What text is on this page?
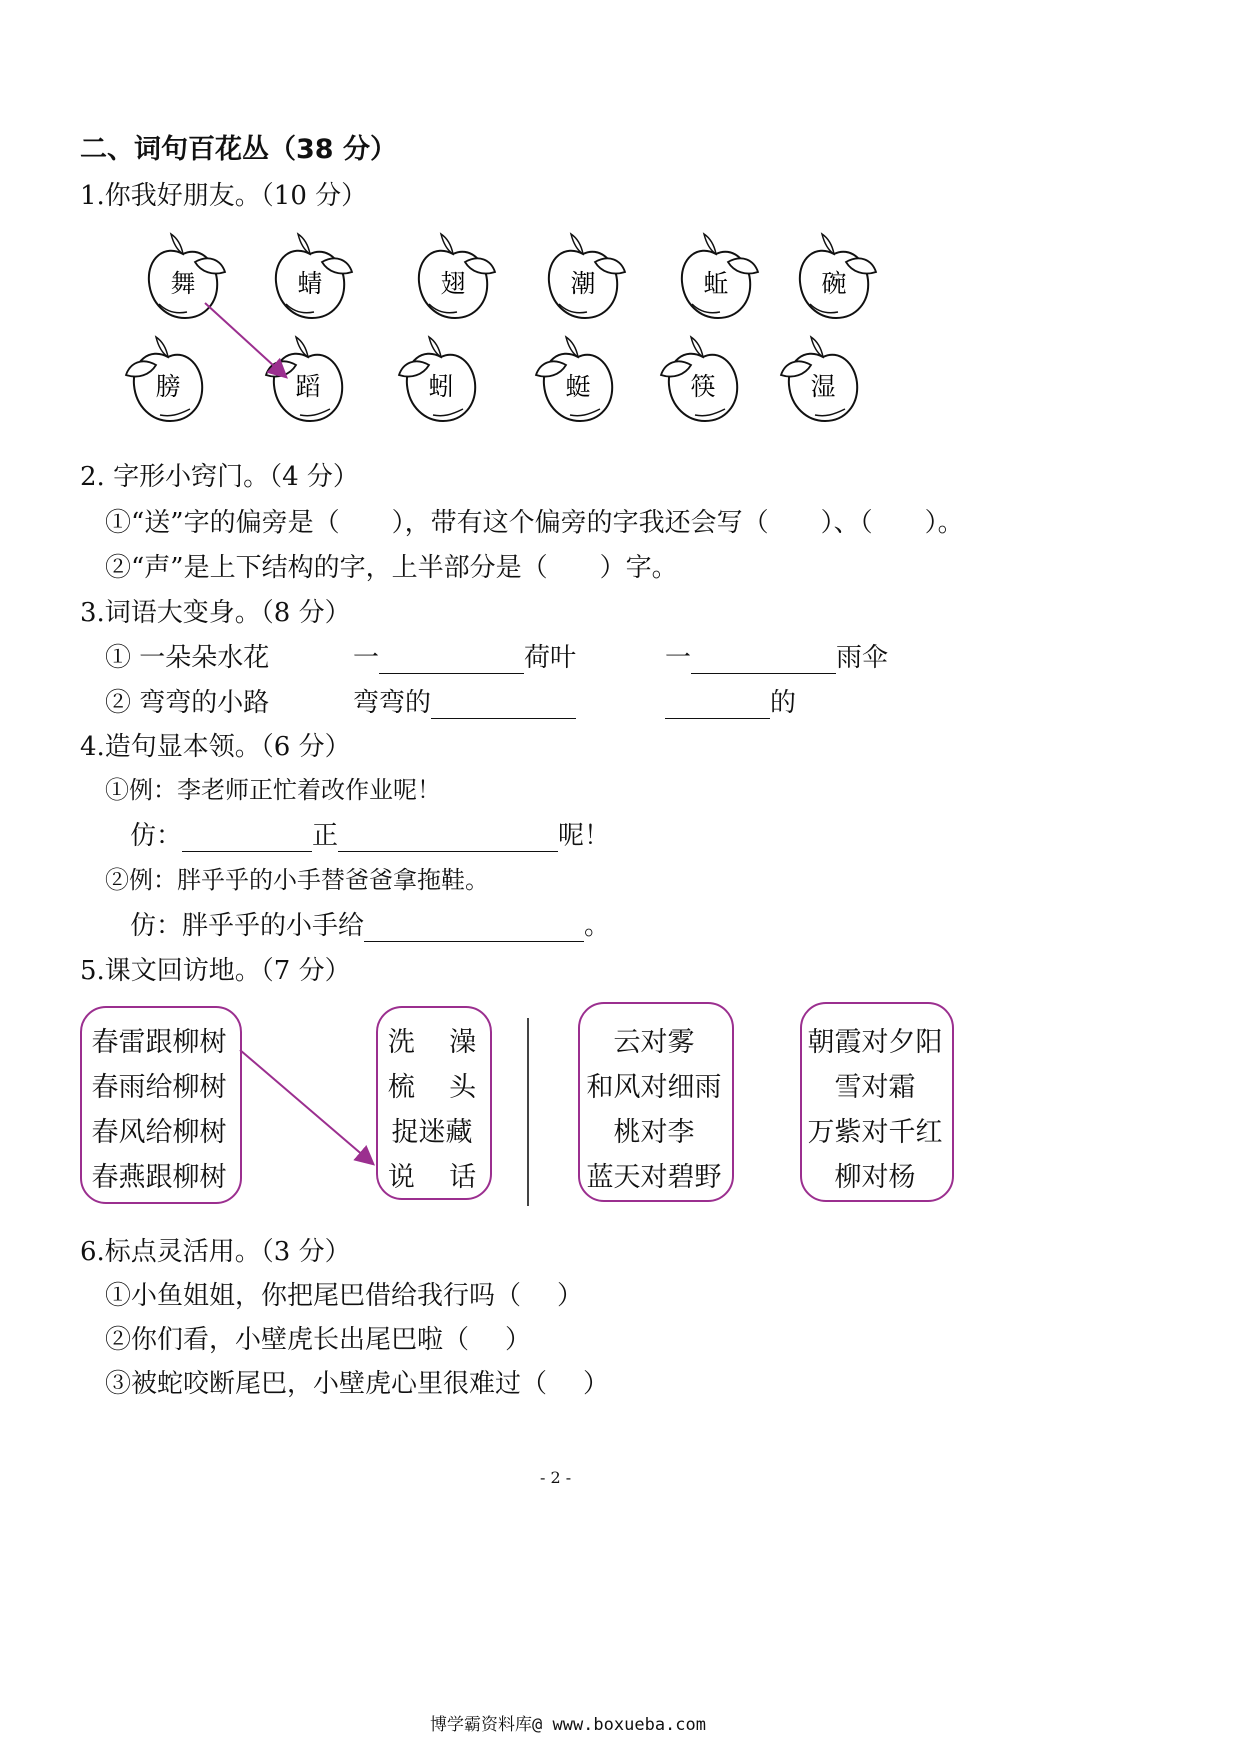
二、词句百花丛（38 分）
1.你我好朋友。（10 分）
舞	蜻	翅	潮	蚯	碗
膀	蹈	蚓	蜓	筷	湿
2. 字形小窍门。（4 分）
①“送”字的偏旁是（ ），带有这个偏旁的字我还会写（ ）、（ ）。
②“声”是上下结构的字，上半部分是（ ）字。
3.词语大变身。（8 分）
① 一朵朵水花	一	荷叶	一	雨伞
② 弯弯的小路	弯弯的	的
4.造句显本领。（6 分）
①例：李老师正忙着改作业呢！
仿：	正	呢！
②例：胖乎乎的小手替爸爸拿拖鞋。
仿：胖乎乎的小手给	。
5.课文回访地。（7 分）
春雷跟柳树
春雨给柳树
春风给柳树
春燕跟柳树
洗    澡
梳    头
捉迷藏
说    话
云对雾
和风对细雨
桃对李
蓝天对碧野
朝霞对夕阳
雪对霜
万紫对千红
柳对杨
6.标点灵活用。（3 分）
①小鱼姐姐，你把尾巴借给我行吗（ ）
②你们看，小壁虎长出尾巴啦（ ）
③被蛇咬断尾巴，小壁虎心里很难过（ ）
- 2 -
博学霸资料库@ www.boxueba.com
